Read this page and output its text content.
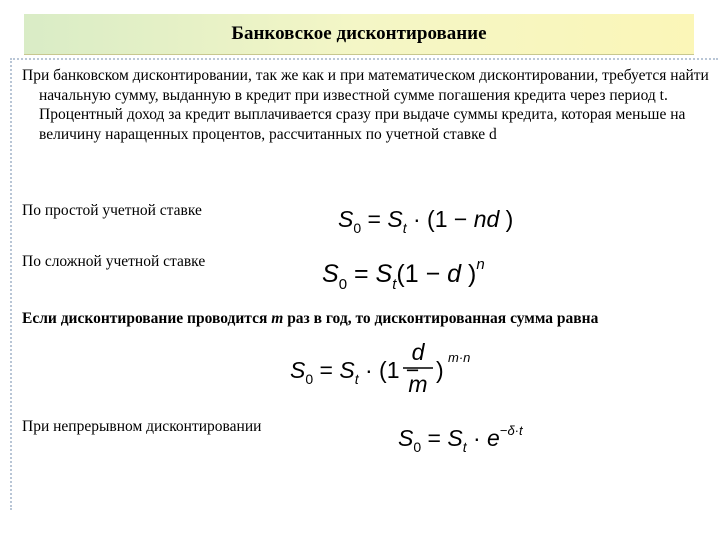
Банковское дисконтирование
При банковском дисконтировании, так же как и при математическом дисконтировании, требуется найти начальную сумму, выданную в кредит при известной сумме погашения кредита через период t. Процентный доход за кредит выплачивается сразу при выдаче суммы кредита, которая меньше на величину наращенных процентов, рассчитанных по учетной ставке d
По простой учетной ставке	$S_0 = S_t \cdot (1$ − nd )
По сложной учетной ставке	$S_0 = S_t(1 - d$ )$^n$
Если дисконтирование проводится m раз в год, то дисконтированная сумма равна
$S_0 = S_t \cdot (1$ −
d
m
) m·n
При непрерывном дисконтировании	$S_0 = S_t \cdot e^-\delta\cdot t$
